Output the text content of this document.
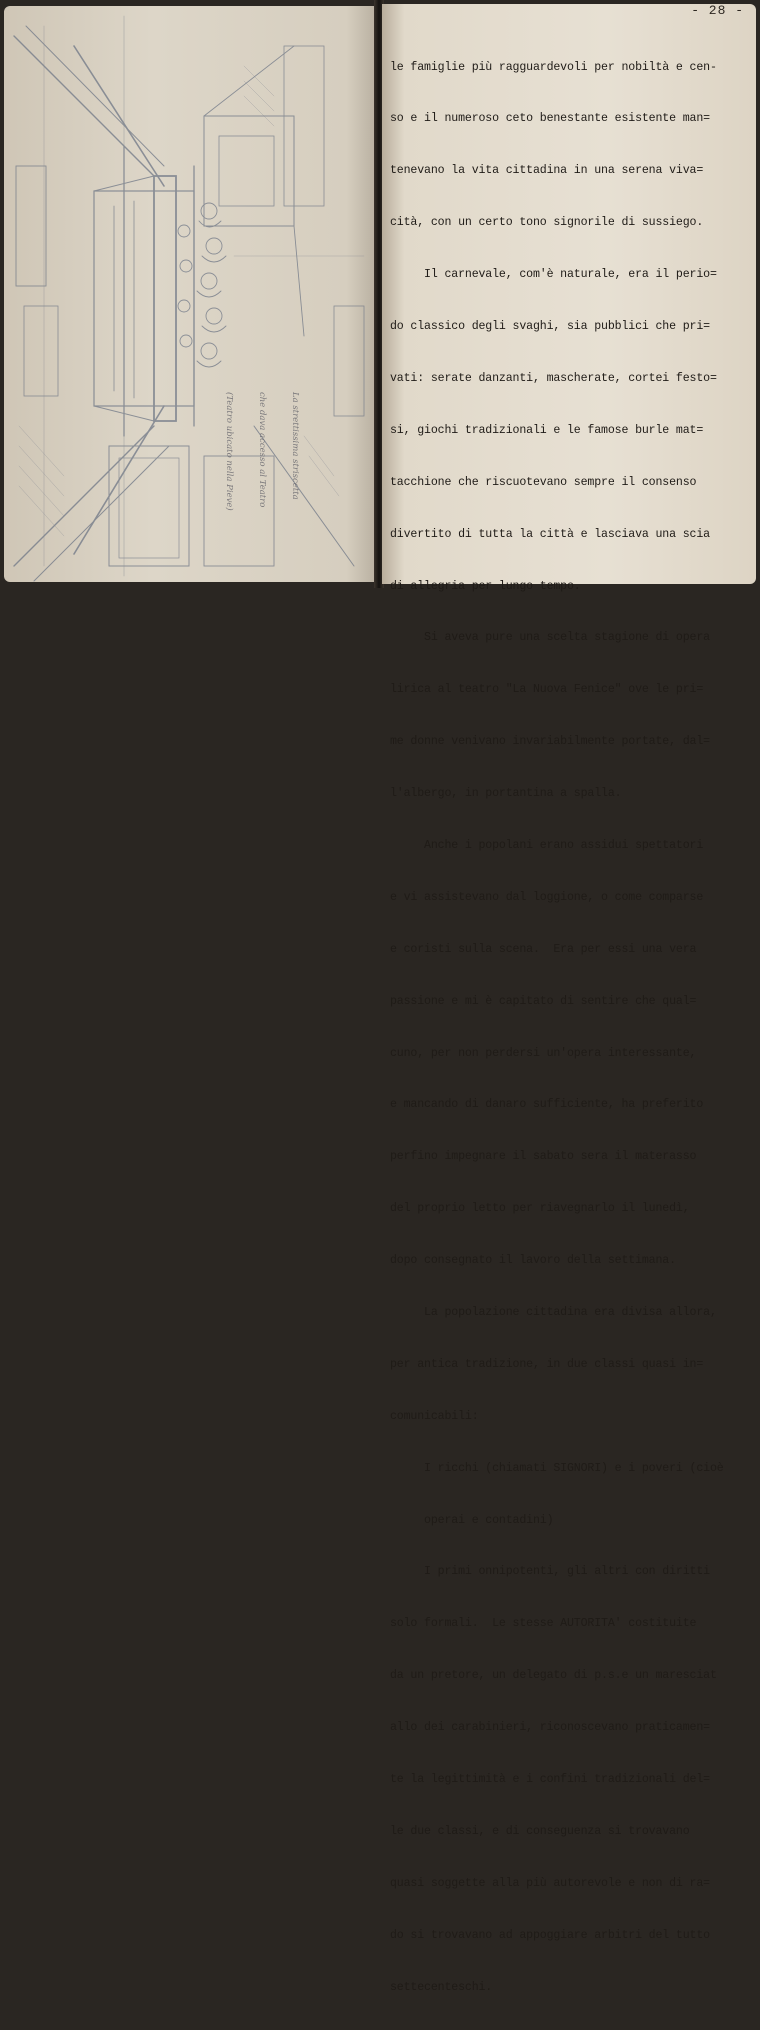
La strettissima striscetta

che dava accesso al Teatro

(Teatro ubicato nella Pieve)

- 28 -

le famiglie più ragguardevoli per nobiltà e cen-

so e il numeroso ceto benestante esistente man=

tenevano la vita cittadina in una serena viva=

cità, con un certo tono signorile di sussiego.

Il carnevale, com'è naturale, era il perio=

do classico degli svaghi, sia pubblici che pri=

vati: serate danzanti, mascherate, cortei festo=

si, giochi tradizionali e le famose burle mat=

tacchione che riscuotevano sempre il consenso

divertito di tutta la città e lasciava una scia

di allegria per lungo tempo.

Si aveva pure una scelta stagione di opera

lirica al teatro "La Nuova Fenice" ove le pri=

me donne venivano invariabilmente portate, dal=

l'albergo, in portantina a spalla.

Anche i popolani erano assidui spettatori

e vi assistevano dal loggione, o come comparse

e coristi sulla scena.  Era per essi una vera

passione e mi è capitato di sentire che qual=

cuno, per non perdersi un'opera interessante,

e mancando di danaro sufficiente, ha preferito

perfino impegnare il sabato sera il materasso

del proprio letto per riavegnarlo il lunedì,

dopo consegnato il lavoro della settimana.

La popolazione cittadina era divisa allora,

per antica tradizione, in due classi quasi in=

comunicabili:

I ricchi (chiamati SIGNORI) e i poveri (cioè

operai e contadini)

I primi onnipotenti, gli altri con diritti

solo formali.  Le stesse AUTORITA' costituite

da un pretore, un delegato di p.s.e un maresciat

allo dei carabinieri, riconoscevano praticamen=

te la legittimità e i confini tradizionali del=

le due classi, e di conseguenza si trovavano

quasi soggette alla più autorevole e non di ra=

do si trovavano ad appoggiare arbitri del tutto

settecenteschi.
